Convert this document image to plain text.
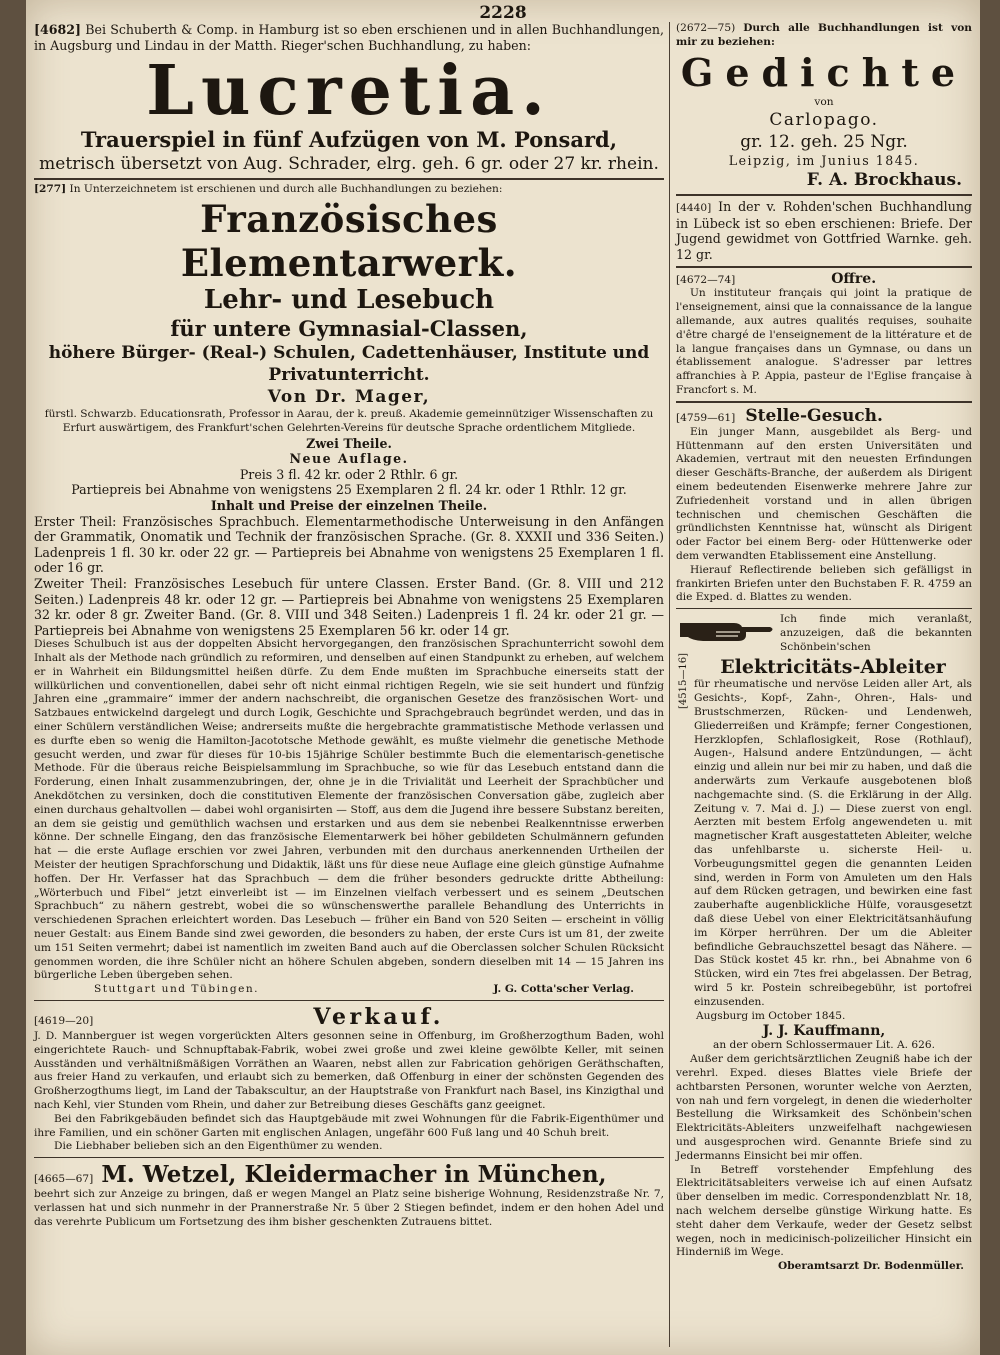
2228

[4682] Bei Schuberth & Comp. in Hamburg ist so eben erschienen und in allen Buchhandlungen, in Augsburg und Lindau in der Matth. Rieger'schen Buchhandlung, zu haben:

Lucretia.
Trauerspiel in fünf Aufzügen von M. Ponsard,
metrisch übersetzt von Aug. Schrader, elrg. geh. 6 gr. oder 27 kr. rhein.

[277] In Unterzeichnetem ist erschienen und durch alle Buchhandlungen zu beziehen:

Französisches Elementarwerk.
Lehr- und Lesebuch
für untere Gymnasial-Classen,
höhere Bürger- (Real-) Schulen, Cadettenhäuser, Institute und
Privatunterricht.
Von Dr. Mager,

fürstl. Schwarzb. Educationsrath, Professor in Aarau, der k. preuß. Akademie gemeinnütziger Wissenschaften zu Erfurt auswärtigem, des Frankfurt'schen Gelehrten-Vereins für deutsche Sprache ordentlichem Mitgliede.

Zwei Theile.
Neue Auflage.
Preis 3 fl. 42 kr. oder 2 Rthlr. 6 gr.

Partiepreis bei Abnahme von wenigstens 25 Exemplaren 2 fl. 24 kr. oder 1 Rthlr. 12 gr.

Inhalt und Preise der einzelnen Theile.

Erster Theil: Französisches Sprachbuch. Elementarmethodische Unterweisung in den Anfängen der Grammatik, Onomatik und Technik der französischen Sprache. (Gr. 8. XXXII und 336 Seiten.) Ladenpreis 1 fl. 30 kr. oder 22 gr. — Partiepreis bei Abnahme von wenigstens 25 Exemplaren 1 fl. oder 16 gr.

Zweiter Theil: Französisches Lesebuch für untere Classen. Erster Band. (Gr. 8. VIII und 212 Seiten.) Ladenpreis 48 kr. oder 12 gr. — Partiepreis bei Abnahme von wenigstens 25 Exemplaren 32 kr. oder 8 gr. Zweiter Band. (Gr. 8. VIII und 348 Seiten.) Ladenpreis 1 fl. 24 kr. oder 21 gr. — Partiepreis bei Abnahme von wenigstens 25 Exemplaren 56 kr. oder 14 gr.

Dieses Schulbuch ist aus der doppelten Absicht hervorgegangen, den französischen Sprachunterricht sowohl dem Inhalt als der Methode nach gründlich zu reformiren, und denselben auf einen Standpunkt zu erheben, auf welchem er in Wahrheit ein Bildungsmittel heißen dürfe. Zu dem Ende mußten im Sprachbuche einerseits statt der willkürlichen und conventionellen, dabei sehr oft nicht einmal richtigen Regeln, wie sie seit hundert und fünfzig Jahren eine „grammaire“ immer der andern nachschreibt, die organischen Gesetze des französischen Wort- und Satzbaues entwickelnd dargelegt und durch Logik, Geschichte und Sprachgebrauch begründet werden, und das in einer Schülern verständlichen Weise; andrerseits mußte die hergebrachte grammatistische Methode verlassen und es durfte eben so wenig die Hamilton-Jacototsche Methode gewählt, es mußte vielmehr die genetische Methode gesucht werden, und zwar für dieses für 10-bis 15jährige Schüler bestimmte Buch die elementarisch-genetische Methode. Für die überaus reiche Beispielsammlung im Sprachbuche, so wie für das Lesebuch entstand dann die Forderung, einen Inhalt zusammenzubringen, der, ohne je in die Trivialität und Leerheit der Sprachbücher und Anekdötchen zu versinken, doch die constitutiven Elemente der französischen Conversation gäbe, zugleich aber einen durchaus gehaltvollen — dabei wohl organisirten — Stoff, aus dem die Jugend ihre bessere Substanz bereiten, an dem sie geistig und gemüthlich wachsen und erstarken und aus dem sie nebenbei Realkenntnisse erwerben könne. Der schnelle Eingang, den das französische Elementarwerk bei höher gebildeten Schulmännern gefunden hat — die erste Auflage erschien vor zwei Jahren, verbunden mit den durchaus anerkennenden Urtheilen der Meister der heutigen Sprachforschung und Didaktik, läßt uns für diese neue Auflage eine gleich günstige Aufnahme hoffen. Der Hr. Verfasser hat das Sprachbuch — dem die früher besonders gedruckte dritte Abtheilung: „Wörterbuch und Fibel“ jetzt einverleibt ist — im Einzelnen vielfach verbessert und es seinem „Deutschen Sprachbuch“ zu nähern gestrebt, wobei die so wünschenswerthe parallele Behandlung des Unterrichts in verschiedenen Sprachen erleichtert worden. Das Lesebuch — früher ein Band von 520 Seiten — erscheint in völlig neuer Gestalt: aus Einem Bande sind zwei geworden, die besonders zu haben, der erste Curs ist um 81, der zweite um 151 Seiten vermehrt; dabei ist namentlich im zweiten Band auch auf die Oberclassen solcher Schulen Rücksicht genommen worden, die ihre Schüler nicht an höhere Schulen abgeben, sondern dieselben mit 14 — 15 Jahren ins bürgerliche Leben übergeben sehen.

Stuttgart und Tübingen.	J. G. Cotta'scher Verlag.

[4619—20]	Verkauf.

J. D. Mannberguer ist wegen vorgerückten Alters gesonnen seine in Offenburg, im Großherzogthum Baden, wohl eingerichtete Rauch- und Schnupftabak-Fabrik, wobei zwei große und zwei kleine gewölbte Keller, mit seinen Ausständen und verhältnißmäßigen Vorräthen an Waaren, nebst allen zur Fabrication gehörigen Geräthschaften, aus freier Hand zu verkaufen, und erlaubt sich zu bemerken, daß Offenburg in einer der schönsten Gegenden des Großherzogthums liegt, im Land der Tabakscultur, an der Hauptstraße von Frankfurt nach Basel, ins Kinzigthal und nach Kehl, vier Stunden vom Rhein, und daher zur Betreibung dieses Geschäfts ganz geeignet.

Bei den Fabrikgebäuden befindet sich das Hauptgebäude mit zwei Wohnungen für die Fabrik-Eigenthümer und ihre Familien, und ein schöner Garten mit englischen Anlagen, ungefähr 600 Fuß lang und 40 Schuh breit.

Die Liebhaber belieben sich an den Eigenthümer zu wenden.

[4665—67] M. Wetzel, Kleidermacher in München,

beehrt sich zur Anzeige zu bringen, daß er wegen Mangel an Platz seine bisherige Wohnung, Residenzstraße Nr. 7, verlassen hat und sich nunmehr in der Prannerstraße Nr. 5 über 2 Stiegen befindet, indem er den hohen Adel und das verehrte Publicum um Fortsetzung des ihm bisher geschenkten Zutrauens bittet.

(2672—75) Durch alle Buchhandlungen ist von mir zu beziehen:

Gedichte
von
Carlopago.
gr. 12. geh. 25 Ngr.
Leipzig, im Junius 1845.
F. A. Brockhaus.

[4440] In der v. Rohden'schen Buchhandlung in Lübeck ist so eben erschienen: Briefe. Der Jugend gewidmet von Gottfried Warnke. geh. 12 gr.

[4672—74]	Offre.

Un instituteur français qui joint la pratique de l'enseignement, ainsi que la connaissance de la langue allemande, aux autres qualités requises, souhaite d'être chargé de l'enseignement de la littérature et de la langue françaises dans un Gymnase, ou dans un établissement analogue. S'adresser par lettres affranchies à P. Appia, pasteur de l'Eglise française à Francfort s. M.

[4759—61] Stelle-Gesuch.

Ein junger Mann, ausgebildet als Berg- und Hüttenmann auf den ersten Universitäten und Akademien, vertraut mit den neuesten Erfindungen dieser Geschäfts-Branche, der außerdem als Dirigent einem bedeutenden Eisenwerke mehrere Jahre zur Zufriedenheit vorstand und in allen übrigen technischen und chemischen Geschäften die gründlichsten Kenntnisse hat, wünscht als Dirigent oder Factor bei einem Berg- oder Hüttenwerke oder dem verwandten Etablissement eine Anstellung.

Hierauf Reflectirende belieben sich gefälligst in frankirten Briefen unter den Buchstaben F. R. 4759 an die Exped. d. Blattes zu wenden.

[4515—16]

Ich finde mich veranlaßt, anzuzeigen, daß die bekannten Schönbein'schen

Elektricitäts-Ableiter

für rheumatische und nervöse Leiden aller Art, als Gesichts-, Kopf-, Zahn-, Ohren-, Hals- und Brustschmerzen, Rücken- und Lendenweh, Gliederreißen und Krämpfe; ferner Congestionen, Herzklopfen, Schlaflosigkeit, Rose (Rothlauf), Augen-, Halsund andere Entzündungen, — ächt einzig und allein nur bei mir zu haben, und daß die anderwärts zum Verkaufe ausgebotenen bloß nachgemachte sind. (S. die Erklärung in der Allg. Zeitung v. 7. Mai d. J.) — Diese zuerst von engl. Aerzten mit bestem Erfolg angewendeten u. mit magnetischer Kraft ausgestatteten Ableiter, welche das unfehlbarste u. sicherste Heil- u. Vorbeugungsmittel gegen die genannten Leiden sind, werden in Form von Amuleten um den Hals auf dem Rücken getragen, und bewirken eine fast zauberhafte augenblickliche Hülfe, vorausgesetzt daß diese Uebel von einer Elektricitätsanhäufung im Körper herrühren. Der um die Ableiter befindliche Gebrauchszettel besagt das Nähere. — Das Stück kostet 45 kr. rhn., bei Abnahme von 6 Stücken, wird ein 7tes frei abgelassen. Der Betrag, wird 5 kr. Postein schreibegebühr, ist portofrei einzusenden.

Augsburg im October 1845.
J. J. Kauffmann,
an der obern Schlossermauer Lit. A. 626.

Außer dem gerichtsärztlichen Zeugniß habe ich der verehrl. Exped. dieses Blattes viele Briefe der achtbarsten Personen, worunter welche von Aerzten, von nah und fern vorgelegt, in denen die wiederholter Bestellung die Wirksamkeit des Schönbein'schen Elektricitäts-Ableiters unzweifelhaft nachgewiesen und ausgesprochen wird. Genannte Briefe sind zu Jedermanns Einsicht bei mir offen.

In Betreff vorstehender Empfehlung des Elektricitätsableiters verweise ich auf einen Aufsatz über denselben im medic. Correspondenzblatt Nr. 18, nach welchem derselbe günstige Wirkung hatte. Es steht daher dem Verkaufe, weder der Gesetz selbst wegen, noch in medicinisch-polizeilicher Hinsicht ein Hinderniß im Wege.

Oberamtsarzt Dr. Bodenmüller.
